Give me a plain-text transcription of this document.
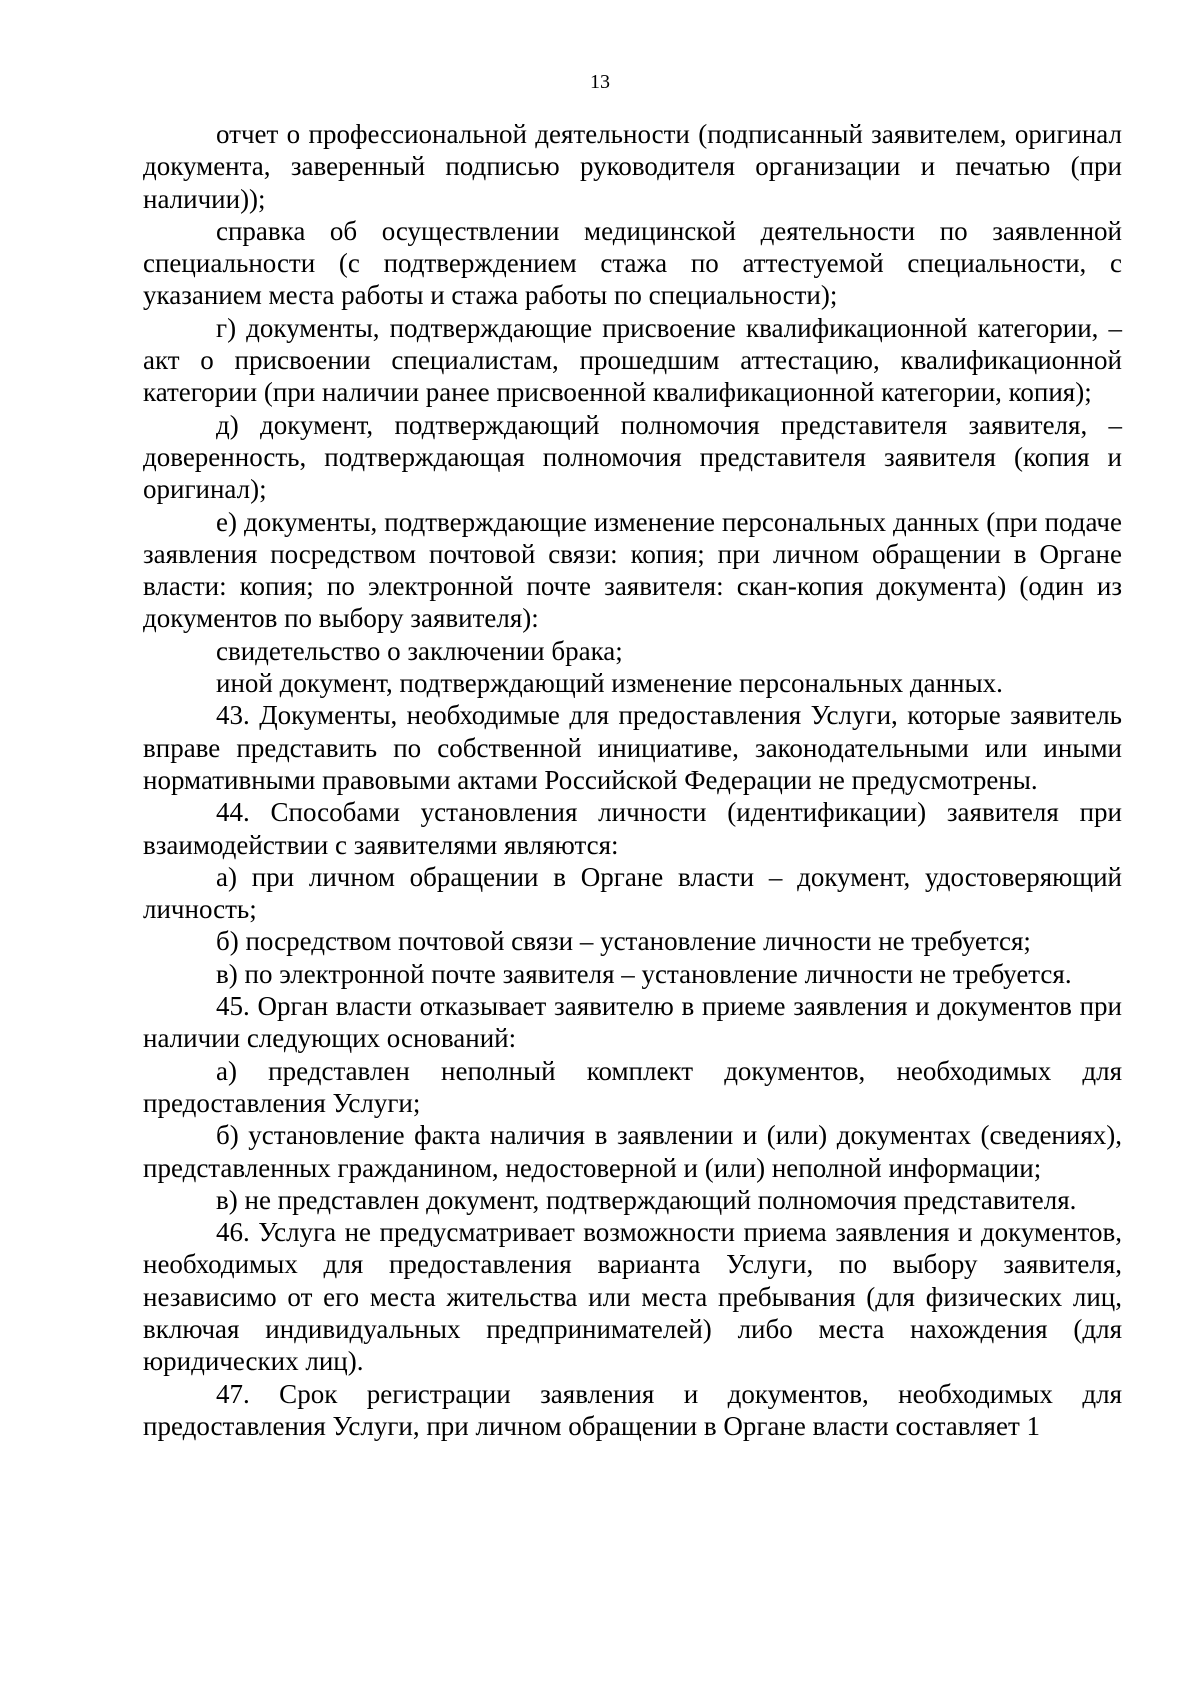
13

отчет о профессиональной деятельности (подписанный заявителем, оригинал документа, заверенный подписью руководителя организации и печатью (при наличии));

справка об осуществлении медицинской деятельности по заявленной специальности (с подтверждением стажа по аттестуемой специальности, с указанием места работы и стажа работы по специальности);

г) документы, подтверждающие присвоение квалификационной категории, – акт о присвоении специалистам, прошедшим аттестацию, квалификационной категории (при наличии ранее присвоенной квалификационной категории, копия);

д) документ, подтверждающий полномочия представителя заявителя, – доверенность, подтверждающая полномочия представителя заявителя (копия и оригинал);

е) документы, подтверждающие изменение персональных данных (при подаче заявления посредством почтовой связи: копия; при личном обращении в Органе власти: копия; по электронной почте заявителя: скан-копия документа) (один из документов по выбору заявителя):

свидетельство о заключении брака;

иной документ, подтверждающий изменение персональных данных.

43. Документы, необходимые для предоставления Услуги, которые заявитель вправе представить по собственной инициативе, законодательными или иными нормативными правовыми актами Российской Федерации не предусмотрены.

44. Способами установления личности (идентификации) заявителя при взаимодействии с заявителями являются:

а) при личном обращении в Органе власти – документ, удостоверяющий личность;

б) посредством почтовой связи – установление личности не требуется;

в) по электронной почте заявителя – установление личности не требуется.

45. Орган власти отказывает заявителю в приеме заявления и документов при наличии следующих оснований:

а) представлен неполный комплект документов, необходимых для предоставления Услуги;

б) установление факта наличия в заявлении и (или) документах (сведениях), представленных гражданином, недостоверной и (или) неполной информации;

в) не представлен документ, подтверждающий полномочия представителя.

46. Услуга не предусматривает возможности приема заявления и документов, необходимых для предоставления варианта Услуги, по выбору заявителя, независимо от его места жительства или места пребывания (для физических лиц, включая индивидуальных предпринимателей) либо места нахождения (для юридических лиц).

47. Срок регистрации заявления и документов, необходимых для предоставления Услуги, при личном обращении в Органе власти составляет 1
